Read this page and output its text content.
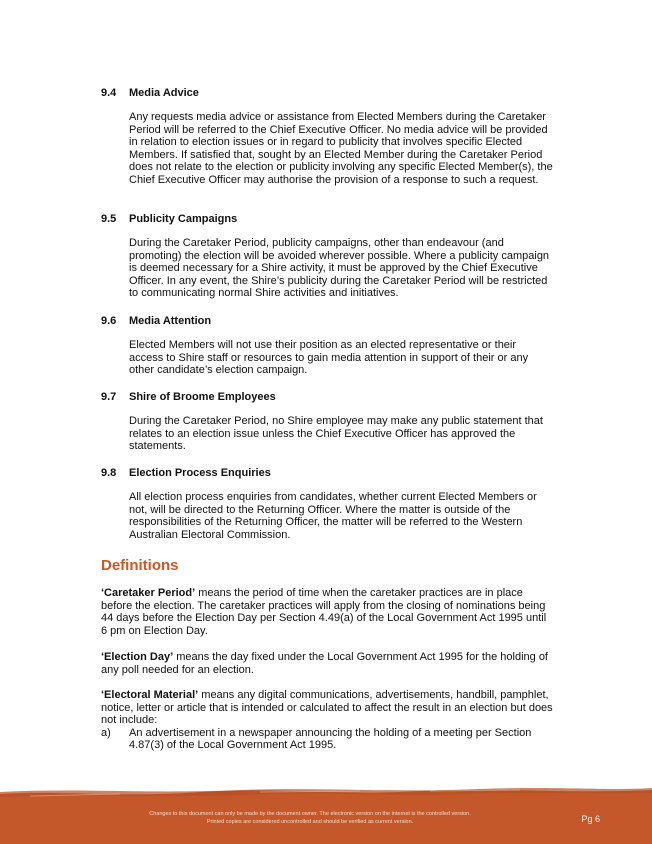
9.4	Media Advice
Any requests media advice or assistance from Elected Members during the Caretaker Period will be referred to the Chief Executive Officer. No media advice will be provided in relation to election issues or in regard to publicity that involves specific Elected Members. If satisfied that, sought by an Elected Member during the Caretaker Period does not relate to the election or publicity involving any specific Elected Member(s), the Chief Executive Officer may authorise the provision of a response to such a request.
9.5	Publicity Campaigns
During the Caretaker Period, publicity campaigns, other than endeavour (and promoting) the election will be avoided wherever possible. Where a publicity campaign is deemed necessary for a Shire activity, it must be approved by the Chief Executive Officer. In any event, the Shire’s publicity during the Caretaker Period will be restricted to communicating normal Shire activities and initiatives.
9.6	Media Attention
Elected Members will not use their position as an elected representative or their access to Shire staff or resources to gain media attention in support of their or any other candidate’s election campaign.
9.7	Shire of Broome Employees
During the Caretaker Period, no Shire employee may make any public statement that relates to an election issue unless the Chief Executive Officer has approved the statements.
9.8	Election Process Enquiries
All election process enquiries from candidates, whether current Elected Members or not, will be directed to the Returning Officer. Where the matter is outside of the responsibilities of the Returning Officer, the matter will be referred to the Western Australian Electoral Commission.
Definitions
‘Caretaker Period’ means the period of time when the caretaker practices are in place before the election. The caretaker practices will apply from the closing of nominations being 44 days before the Election Day per Section 4.49(a) of the Local Government Act 1995 until 6 pm on Election Day.
‘Election Day’ means the day fixed under the Local Government Act 1995 for the holding of any poll needed for an election.
‘Electoral Material’ means any digital communications, advertisements, handbill, pamphlet, notice, letter or article that is intended or calculated to affect the result in an election but does not include:
a)	An advertisement in a newspaper announcing the holding of a meeting per Section 4.87(3) of the Local Government Act 1995.
Changes to this document can only be made by the document owner. The electronic version on the internet is the controlled version.
Printed copies are considered uncontrolled and should be verified as current version.	Pg 6
